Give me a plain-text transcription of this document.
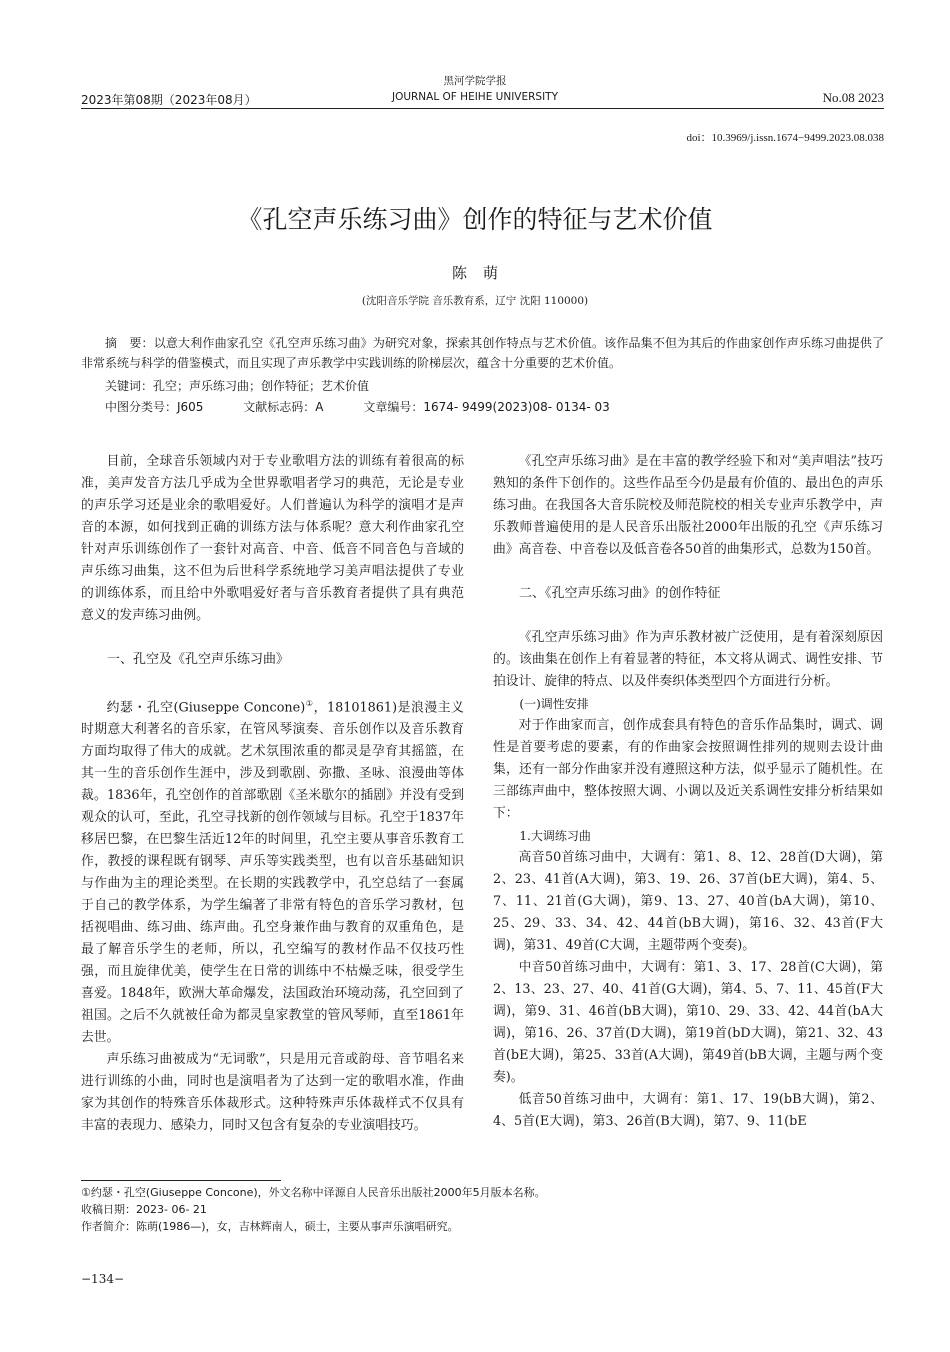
2023年第08期（2023年08月）
黑河学院学报
JOURNAL OF HEIHE UNIVERSITY	No.08 2023
doi：10.3969/j.issn.1674−9499.2023.08.038
《孔空声乐练习曲》创作的特征与艺术价值
陈萌
(沈阳音乐学院 音乐教育系，辽宁 沈阳 110000)
摘　要：以意大利作曲家孔空《孔空声乐练习曲》为研究对象，探索其创作特点与艺术价值。该作品集不但为其后的作曲家创作声乐练习曲提供了非常系统与科学的借鉴模式，而且实现了声乐教学中实践训练的阶梯层次，蕴含十分重要的艺术价值。
关键词：孔空；声乐练习曲；创作特征；艺术价值
中图分类号：J605	文献标志码：A	文章编号：1674- 9499(2023)08- 0134- 03

目前，全球音乐领域内对于专业歌唱方法的训练有着很高的标准，美声发音方法几乎成为全世界歌唱者学习的典范，无论是专业的声乐学习还是业余的歌唱爱好。人们普遍认为科学的演唱才是声音的本源，如何找到正确的训练方法与体系呢？意大利作曲家孔空针对声乐训练创作了一套针对高音、中音、低音不同音色与音域的声乐练习曲集，这不但为后世科学系统地学习美声唱法提供了专业的训练体系，而且给中外歌唱爱好者与音乐教育者提供了具有典范意义的发声练习曲例。

一、孔空及《孔空声乐练习曲》

约瑟・孔空(Giuseppe Concone)①，18101861)是浪漫主义时期意大利著名的音乐家，在管风琴演奏、音乐创作以及音乐教育方面均取得了伟大的成就。艺术氛围浓重的都灵是孕育其摇篮，在其一生的音乐创作生涯中，涉及到歌剧、弥撒、圣咏、浪漫曲等体裁。1836年，孔空创作的首部歌剧《圣米歇尔的插剧》并没有受到观众的认可，至此，孔空寻找新的创作领域与目标。孔空于1837年移居巴黎，在巴黎生活近12年的时间里，孔空主要从事音乐教育工作，教授的课程既有钢琴、声乐等实践类型，也有以音乐基础知识与作曲为主的理论类型。在长期的实践教学中，孔空总结了一套属于自己的教学体系，为学生编著了非常有特色的音乐学习教材，包括视唱曲、练习曲、练声曲。孔空身兼作曲与教育的双重角色，是最了解音乐学生的老师，所以，孔空编写的教材作品不仅技巧性强，而且旋律优美，使学生在日常的训练中不枯燥乏味，很受学生喜爱。1848年，欧洲大革命爆发，法国政治环境动荡，孔空回到了祖国。之后不久就被任命为都灵皇家教堂的管风琴师，直至1861年去世。

声乐练习曲被成为“无词歌”，只是用元音或韵母、音节唱名来进行训练的小曲，同时也是演唱者为了达到一定的歌唱水准，作曲家为其创作的特殊音乐体裁形式。这种特殊声乐体裁样式不仅具有丰富的表现力、感染力，同时又包含有复杂的专业演唱技巧。

《孔空声乐练习曲》是在丰富的教学经验下和对“美声唱法”技巧熟知的条件下创作的。这些作品至今仍是最有价值的、最出色的声乐练习曲。在我国各大音乐院校及师范院校的相关专业声乐教学中，声乐教师普遍使用的是人民音乐出版社2000年出版的孔空《声乐练习曲》高音卷、中音卷以及低音卷各50首的曲集形式，总数为150首。

二、《孔空声乐练习曲》的创作特征

《孔空声乐练习曲》作为声乐教材被广泛使用，是有着深刻原因的。该曲集在创作上有着显著的特征，本文将从调式、调性安排、节拍设计、旋律的特点、以及伴奏织体类型四个方面进行分析。

(一)调性安排

对于作曲家而言，创作成套具有特色的音乐作品集时，调式、调性是首要考虑的要素，有的作曲家会按照调性排列的规则去设计曲集，还有一部分作曲家并没有遵照这种方法，似乎显示了随机性。在三部练声曲中，整体按照大调、小调以及近关系调性安排分析结果如下：

1.大调练习曲

高音50首练习曲中，大调有：第1、8、12、28首(D大调)，第2、23、41首(A大调)，第3、19、26、37首(bE大调)，第4、5、7、11、21首(G大调)，第9、13、27、40首(bA大调)，第10、25、29、33、34、42、44首(bB大调)，第16、32、43首(F大调)，第31、49首(C大调，主题带两个变奏)。

中音50首练习曲中，大调有：第1、3、17、28首(C大调)，第2、13、23、27、40、41首(G大调)，第4、5、7、11、45首(F大调)，第9、31、46首(bB大调)，第10、29、33、42、44首(bA大调)，第16、26、37首(D大调)，第19首(bD大调)，第21、32、43首(bE大调)，第25、33首(A大调)，第49首(bB大调，主题与两个变奏)。

低音50首练习曲中，大调有：第1、17、19(bB大调)，第2、4、5首(E大调)，第3、26首(B大调)，第7、9、11(bE

①约瑟・孔空(Giuseppe Concone)，外文名称中译源自人民音乐出版社2000年5月版本名称。
收稿日期：2023- 06- 21
作者简介：陈萌(1986—)，女，吉林辉南人，硕士，主要从事声乐演唱研究。
−134−
